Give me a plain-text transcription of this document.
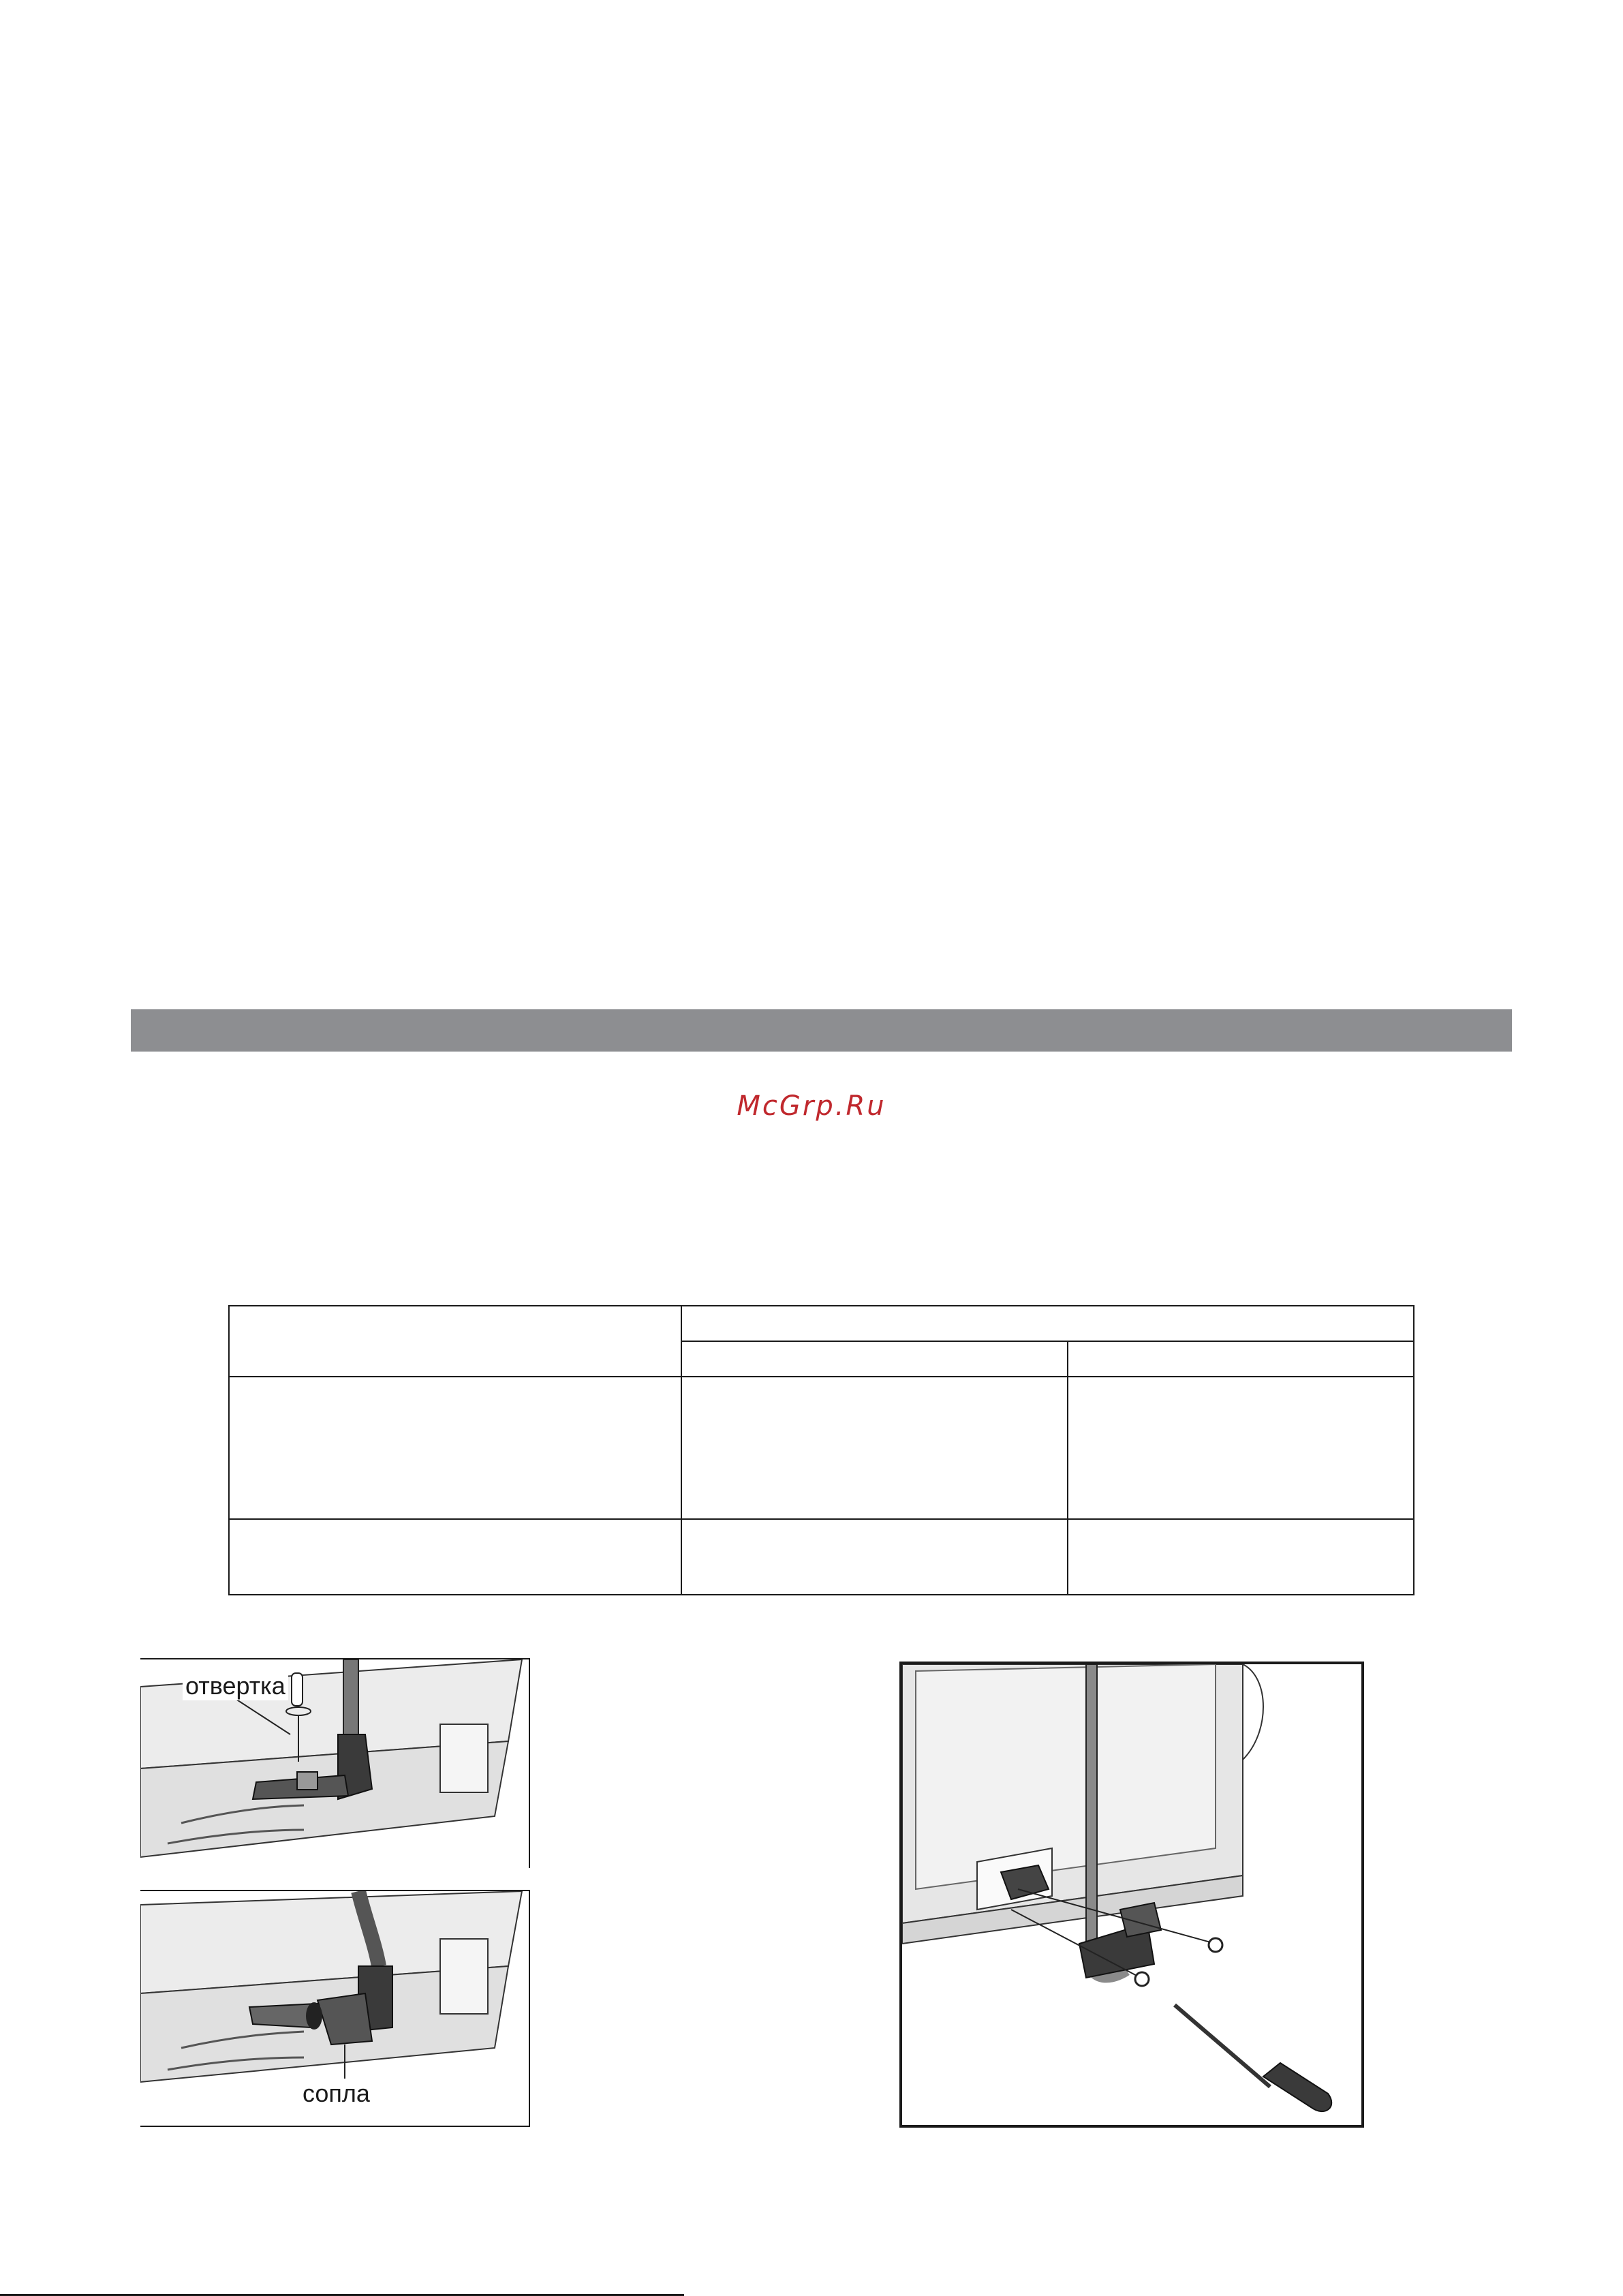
McGrp.Ru

отвертка
сопла
